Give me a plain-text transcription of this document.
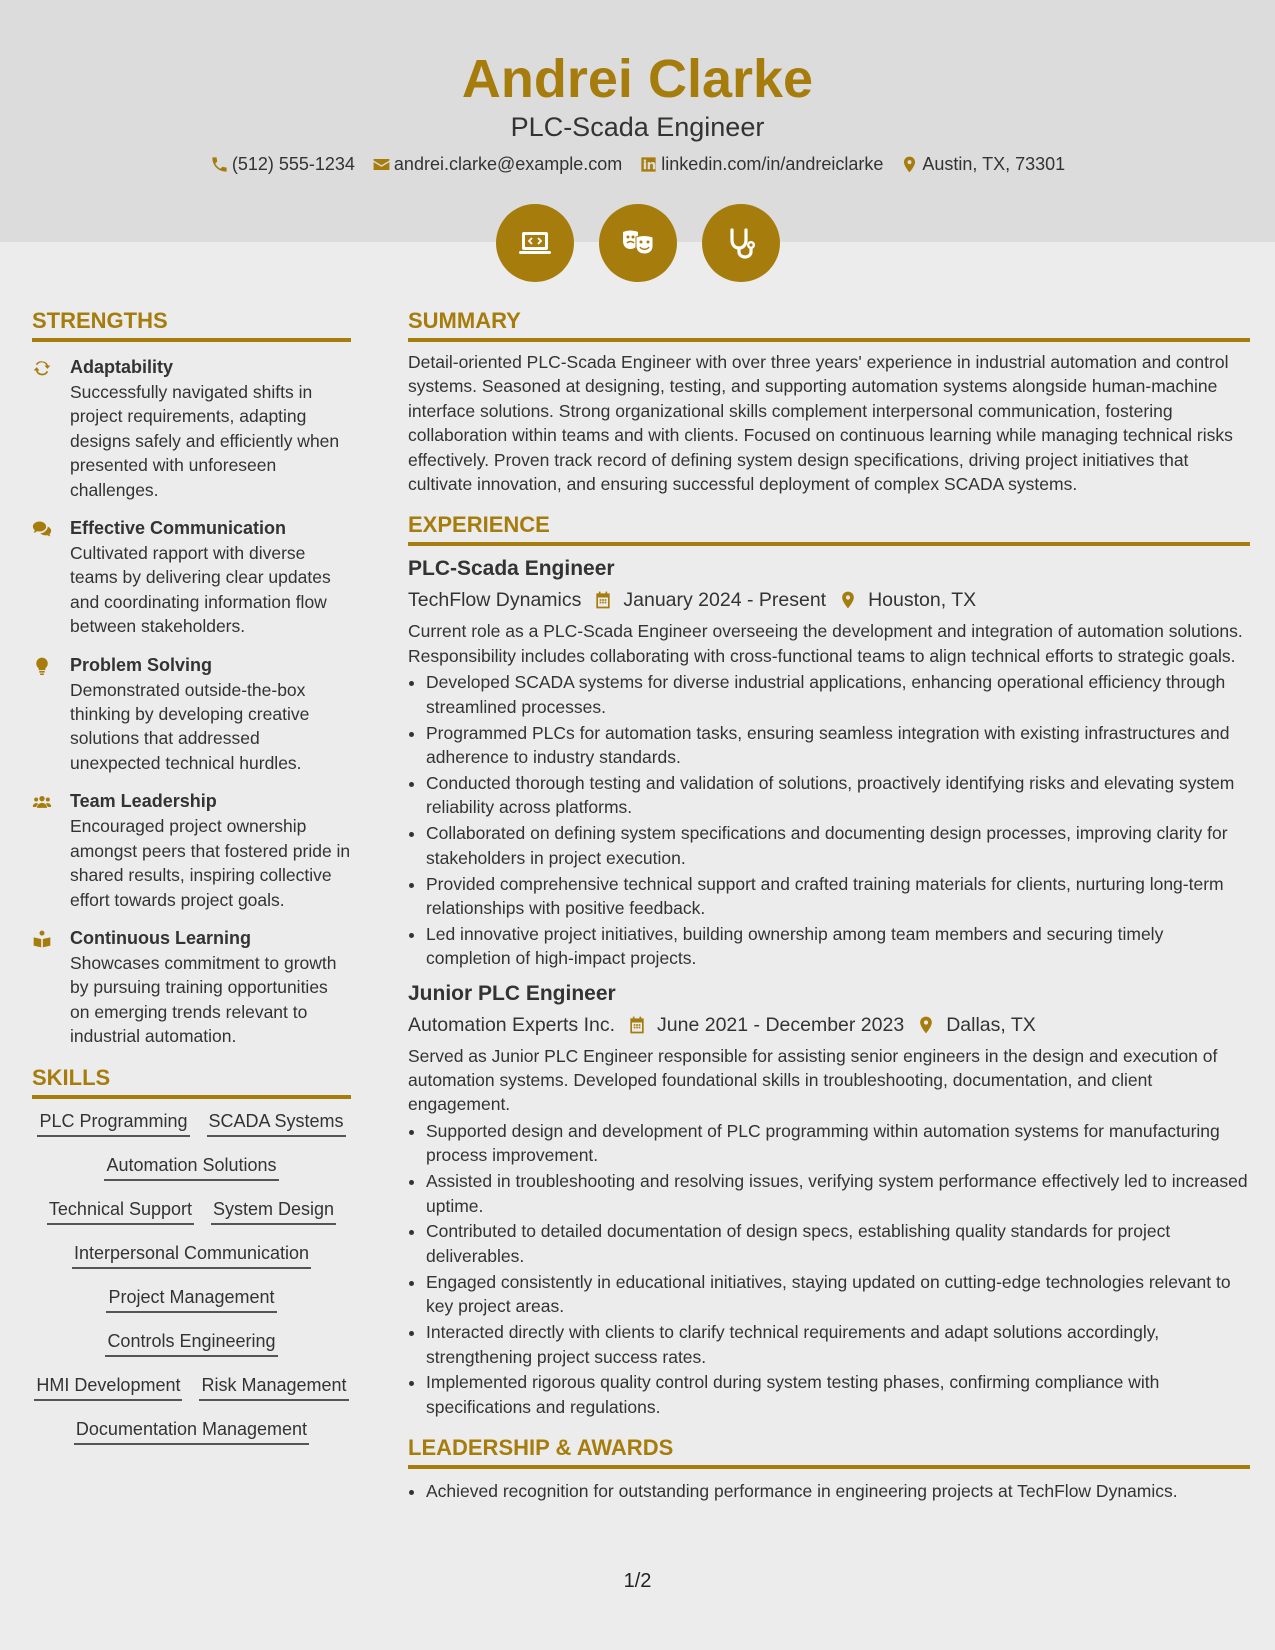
Andrei Clarke
PLC-Scada Engineer
(512) 555-1234 andrei.clarke@example.com linkedin.com/in/andreiclarke Austin, TX, 73301
STRENGTHS
Adaptability
Successfully navigated shifts in project requirements, adapting designs safely and efficiently when presented with unforeseen challenges.
Effective Communication
Cultivated rapport with diverse teams by delivering clear updates and coordinating information flow between stakeholders.
Problem Solving
Demonstrated outside-the-box thinking by developing creative solutions that addressed unexpected technical hurdles.
Team Leadership
Encouraged project ownership amongst peers that fostered pride in shared results, inspiring collective effort towards project goals.
Continuous Learning
Showcases commitment to growth by pursuing training opportunities on emerging trends relevant to industrial automation.
SKILLS
PLC Programming SCADA Systems
Automation Solutions
Technical Support System Design
Interpersonal Communication
Project Management
Controls Engineering
HMI Development Risk Management
Documentation Management
SUMMARY
Detail-oriented PLC-Scada Engineer with over three years' experience in industrial automation and control systems. Seasoned at designing, testing, and supporting automation systems alongside human-machine interface solutions. Strong organizational skills complement interpersonal communication, fostering collaboration within teams and with clients. Focused on continuous learning while managing technical risks effectively. Proven track record of defining system design specifications, driving project initiatives that cultivate innovation, and ensuring successful deployment of complex SCADA systems.
EXPERIENCE
PLC-Scada Engineer
TechFlow Dynamics January 2024 - Present Houston, TX
Current role as a PLC-Scada Engineer overseeing the development and integration of automation solutions. Responsibility includes collaborating with cross-functional teams to align technical efforts to strategic goals.
• Developed SCADA systems for diverse industrial applications, enhancing operational efficiency through streamlined processes.
• Programmed PLCs for automation tasks, ensuring seamless integration with existing infrastructures and adherence to industry standards.
• Conducted thorough testing and validation of solutions, proactively identifying risks and elevating system reliability across platforms.
• Collaborated on defining system specifications and documenting design processes, improving clarity for stakeholders in project execution.
• Provided comprehensive technical support and crafted training materials for clients, nurturing long-term relationships with positive feedback.
• Led innovative project initiatives, building ownership among team members and securing timely completion of high-impact projects.
Junior PLC Engineer
Automation Experts Inc. June 2021 - December 2023 Dallas, TX
Served as Junior PLC Engineer responsible for assisting senior engineers in the design and execution of automation systems. Developed foundational skills in troubleshooting, documentation, and client engagement.
• Supported design and development of PLC programming within automation systems for manufacturing process improvement.
• Assisted in troubleshooting and resolving issues, verifying system performance effectively led to increased uptime.
• Contributed to detailed documentation of design specs, establishing quality standards for project deliverables.
• Engaged consistently in educational initiatives, staying updated on cutting-edge technologies relevant to key project areas.
• Interacted directly with clients to clarify technical requirements and adapt solutions accordingly, strengthening project success rates.
• Implemented rigorous quality control during system testing phases, confirming compliance with specifications and regulations.
LEADERSHIP & AWARDS
• Achieved recognition for outstanding performance in engineering projects at TechFlow Dynamics.
1/2
